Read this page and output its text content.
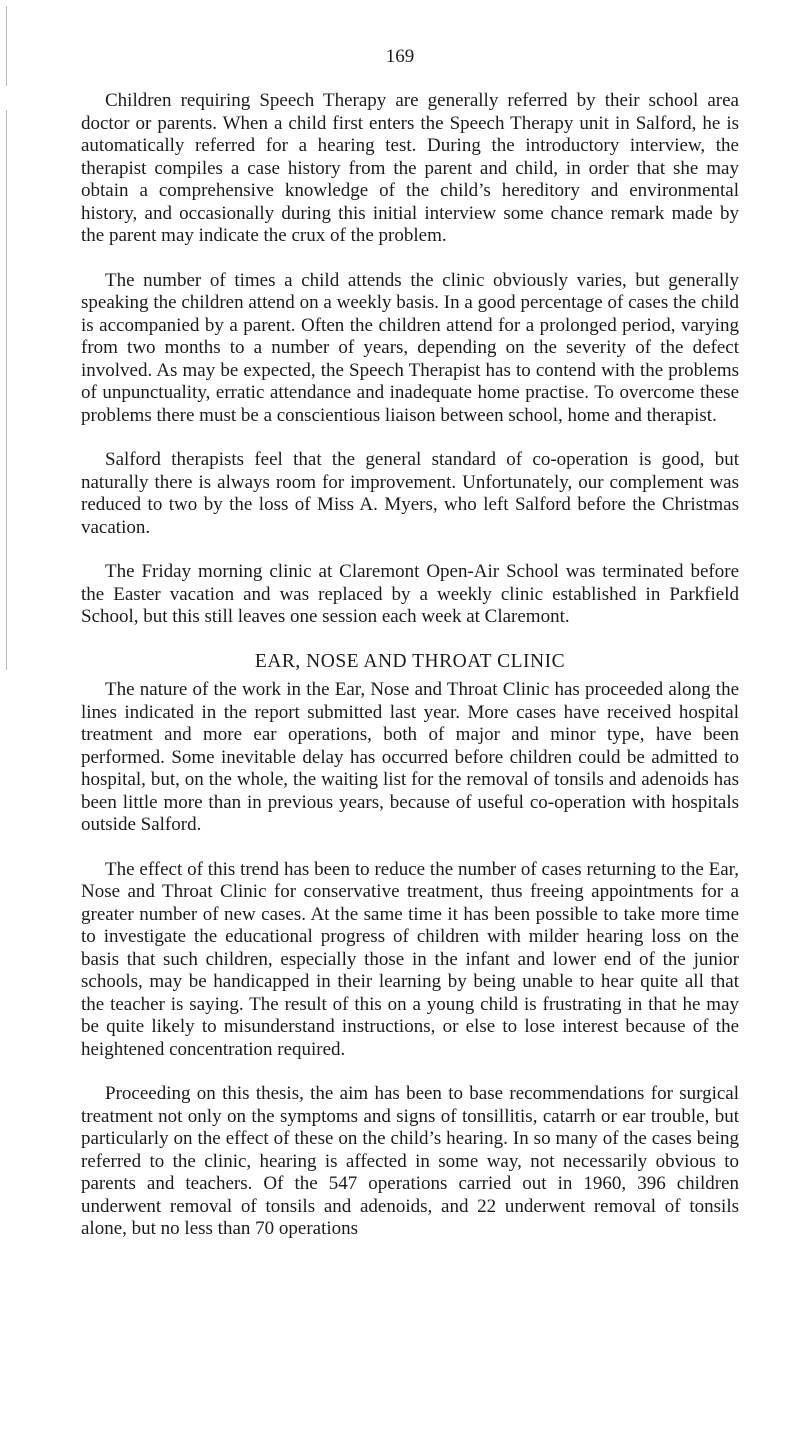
169

Children requiring Speech Therapy are generally referred by their school area doctor or parents. When a child first enters the Speech Therapy unit in Salford, he is automatically referred for a hearing test. During the introductory interview, the therapist compiles a case history from the parent and child, in order that she may obtain a comprehensive knowledge of the child’s hereditory and environmental history, and occasionally during this initial interview some chance remark made by the parent may indicate the crux of the problem.

The number of times a child attends the clinic obviously varies, but generally speaking the children attend on a weekly basis. In a good percentage of cases the child is accompanied by a parent. Often the children attend for a prolonged period, varying from two months to a number of years, depending on the severity of the defect involved. As may be expected, the Speech Therapist has to contend with the problems of unpunctuality, erratic attendance and inadequate home practise. To overcome these problems there must be a conscientious liaison between school, home and therapist.

Salford therapists feel that the general standard of co-operation is good, but naturally there is always room for improvement. Unfortunately, our complement was reduced to two by the loss of Miss A. Myers, who left Salford before the Christmas vacation.

The Friday morning clinic at Claremont Open-Air School was terminated before the Easter vacation and was replaced by a weekly clinic established in Parkfield School, but this still leaves one session each week at Claremont.

EAR, NOSE AND THROAT CLINIC

The nature of the work in the Ear, Nose and Throat Clinic has proceeded along the lines indicated in the report submitted last year. More cases have received hospital treatment and more ear operations, both of major and minor type, have been performed. Some inevitable delay has occurred before children could be admitted to hospital, but, on the whole, the waiting list for the removal of tonsils and adenoids has been little more than in previous years, because of useful co-operation with hospitals outside Salford.

The effect of this trend has been to reduce the number of cases returning to the Ear, Nose and Throat Clinic for conservative treatment, thus freeing appointments for a greater number of new cases. At the same time it has been possible to take more time to investigate the educational progress of children with milder hearing loss on the basis that such children, especially those in the infant and lower end of the junior schools, may be handicapped in their learning by being unable to hear quite all that the teacher is saying. The result of this on a young child is frustrating in that he may be quite likely to misunderstand instructions, or else to lose interest because of the heightened concentration required.

Proceeding on this thesis, the aim has been to base recommendations for surgical treatment not only on the symptoms and signs of tonsillitis, catarrh or ear trouble, but particularly on the effect of these on the child’s hearing. In so many of the cases being referred to the clinic, hearing is affected in some way, not necessarily obvious to parents and teachers. Of the 547 operations carried out in 1960, 396 children underwent removal of tonsils and adenoids, and 22 underwent removal of tonsils alone, but no less than 70 operations
